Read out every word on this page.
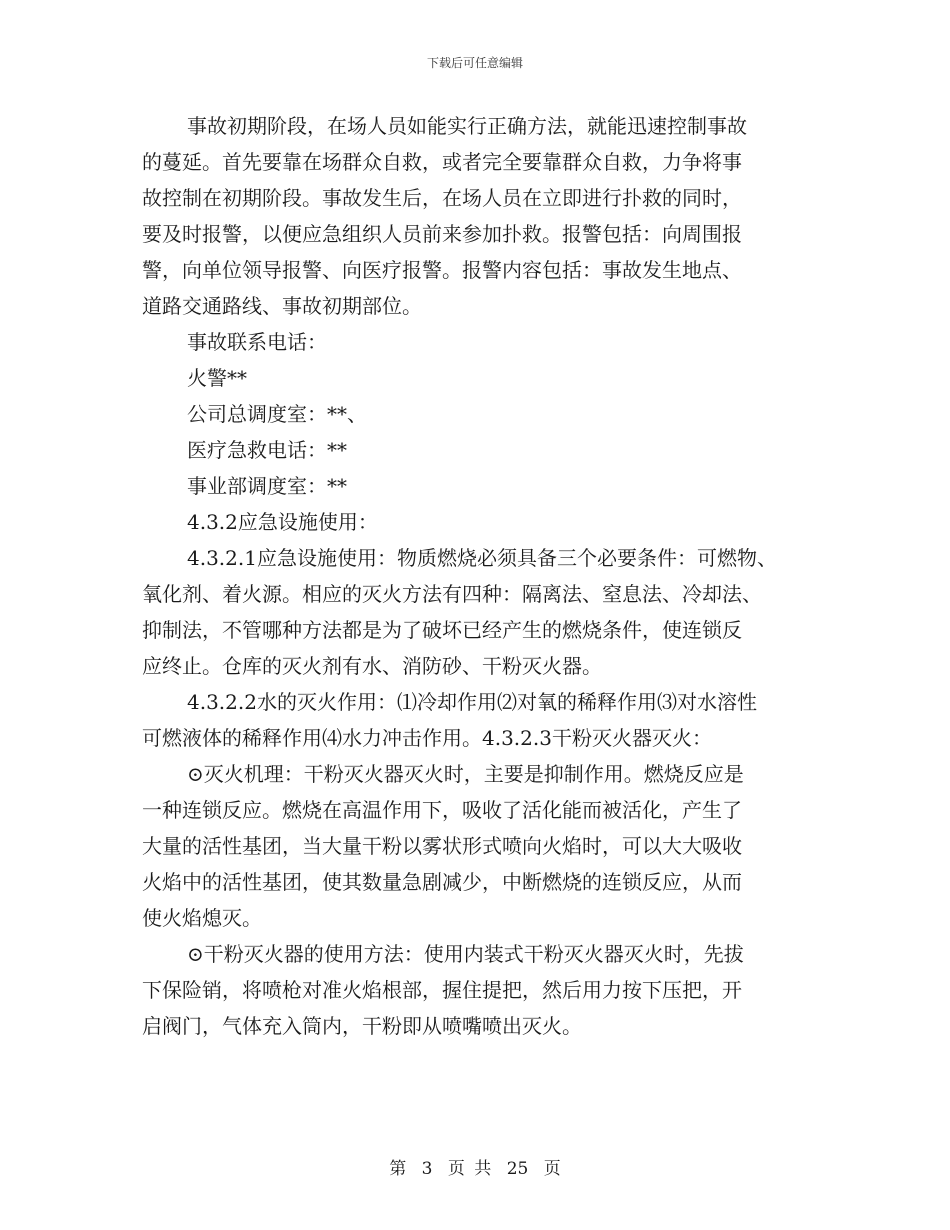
下载后可任意编辑
事故初期阶段，在场人员如能实行正确方法，就能迅速控制事故
的蔓延。首先要靠在场群众自救，或者完全要靠群众自救，力争将事
故控制在初期阶段。事故发生后，在场人员在立即进行扑救的同时，
要及时报警，以便应急组织人员前来参加扑救。报警包括：向周围报
警，向单位领导报警、向医疗报警。报警内容包括：事故发生地点、
道路交通路线、事故初期部位。
事故联系电话：
火警**
公司总调度室：**、
医疗急救电话：**
事业部调度室：**
4.3.2应急设施使用：
4.3.2.1应急设施使用：物质燃烧必须具备三个必要条件：可燃物、
氧化剂、着火源。相应的灭火方法有四种：隔离法、窒息法、冷却法、
抑制法，不管哪种方法都是为了破坏已经产生的燃烧条件，使连锁反
应终止。仓库的灭火剂有水、消防砂、干粉灭火器。
4.3.2.2水的灭火作用：⑴冷却作用⑵对氧的稀释作用⑶对水溶性
可燃液体的稀释作用⑷水力冲击作用。4.3.2.3干粉灭火器灭火：
⊙灭火机理：干粉灭火器灭火时，主要是抑制作用。燃烧反应是
一种连锁反应。燃烧在高温作用下，吸收了活化能而被活化，产生了
大量的活性基团，当大量干粉以雾状形式喷向火焰时，可以大大吸收
火焰中的活性基团，使其数量急剧减少，中断燃烧的连锁反应，从而
使火焰熄灭。
⊙干粉灭火器的使用方法：使用内装式干粉灭火器灭火时，先拔
下保险销，将喷枪对准火焰根部，握住提把，然后用力按下压把，开
启阀门，气体充入筒内，干粉即从喷嘴喷出灭火。
第 3 页 共 25 页
